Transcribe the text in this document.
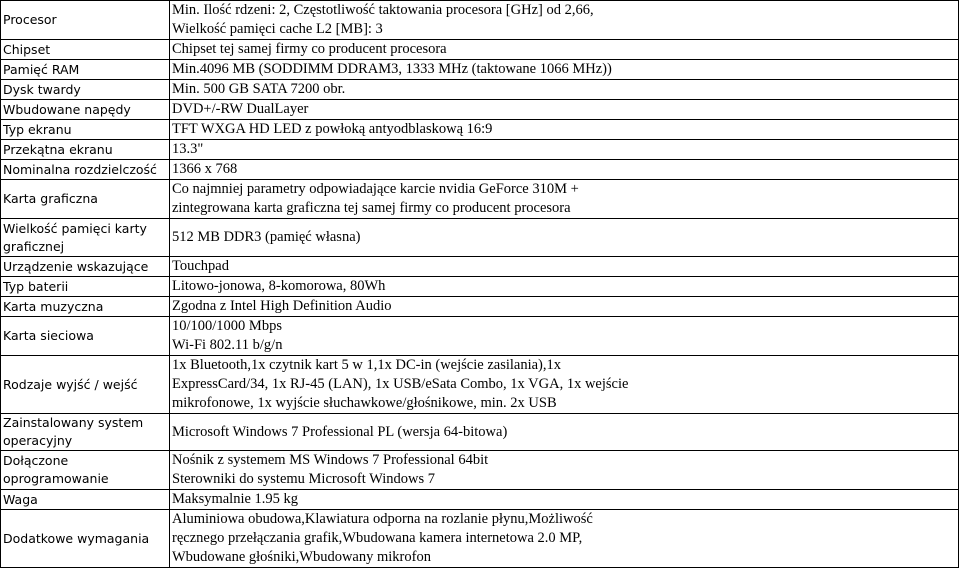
Procesor	Min. Ilość rdzeni: 2, Częstotliwość taktowania procesora [GHz] od 2,66,
Wielkość pamięci cache L2 [MB]: 3

Chipset	Chipset tej samej firmy co producent procesora

Pamięć RAM	Min.4096 MB (SODDIMM DDRAM3, 1333 MHz (taktowane 1066 MHz))

Dysk twardy	Min. 500 GB SATA 7200 obr.

Wbudowane napędy	DVD+/-RW DualLayer

Typ ekranu	TFT WXGA HD LED z powłoką antyodblaskową 16:9

Przekątna ekranu	13.3"

Nominalna rozdzielczość	1366 x 768

Karta graficzna	Co najmniej parametry odpowiadające karcie nvidia GeForce 310M +
zintegrowana karta graficzna tej samej firmy co producent procesora

Wielkość pamięci karty graficznej	512 MB DDR3 (pamięć własna)

Urządzenie wskazujące	Touchpad

Typ baterii	Litowo-jonowa, 8-komorowa, 80Wh

Karta muzyczna	Zgodna z Intel High Definition Audio

Karta sieciowa	10/100/1000 Mbps
Wi-Fi 802.11 b/g/n

Rodzaje wyjść / wejść	1x Bluetooth,1x czytnik kart 5 w 1,1x DC-in (wejście zasilania),1x
ExpressCard/34, 1x RJ-45 (LAN), 1x USB/eSata Combo, 1x VGA, 1x wejście
mikrofonowe, 1x wyjście słuchawkowe/głośnikowe, min. 2x USB

Zainstalowany system operacyjny	Microsoft Windows 7 Professional PL (wersja 64-bitowa)

Dołączone oprogramowanie	Nośnik z systemem MS Windows 7 Professional 64bit
Sterowniki do systemu Microsoft Windows 7

Waga	Maksymalnie 1.95 kg

Dodatkowe wymagania	Aluminiowa obudowa,Klawiatura odporna na rozlanie płynu,Możliwość
ręcznego przełączania grafik,Wbudowana kamera internetowa 2.0 MP,
Wbudowane głośniki,Wbudowany mikrofon
